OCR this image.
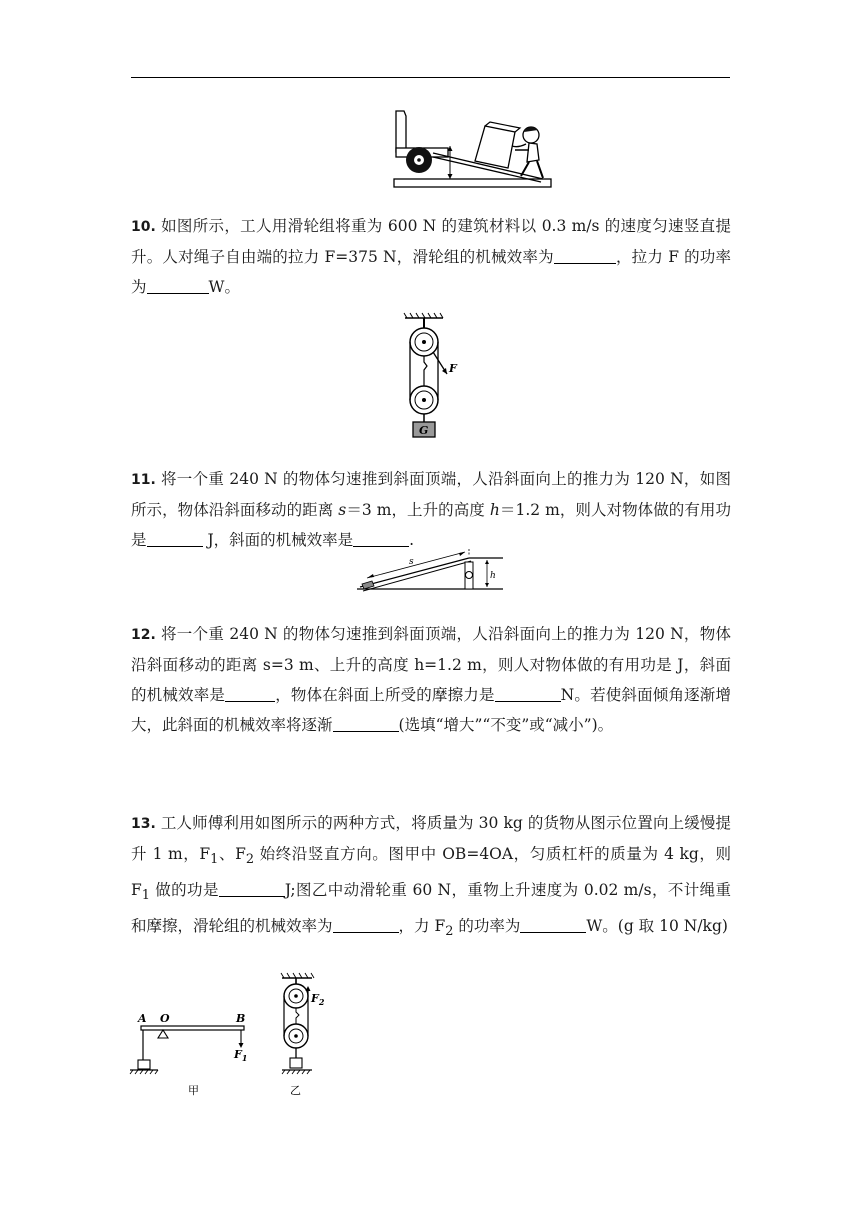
10. 如图所示，工人用滑轮组将重为 600 N 的建筑材料以 0.3 m/s 的速度匀速竖直提升。人对绳子自由端的拉力 F=375 N，滑轮组的机械效率为	，拉力 F 的功率为	W。

F
G

11. 将一个重 240 N 的物体匀速推到斜面顶端，人沿斜面向上的推力为 120 N，如图所示，物体沿斜面移动的距离 s＝3 m，上升的高度 h＝1.2 m，则人对物体做的有用功是	J，斜面的机械效率是	.

s
h

12. 将一个重 240 N 的物体匀速推到斜面顶端，人沿斜面向上的推力为 120 N，物体沿斜面移动的距离 s=3 m、上升的高度 h=1.2 m，则人对物体做的有用功是 J，斜面的机械效率是	，物体在斜面上所受的摩擦力是	N。若使斜面倾角逐渐增大，此斜面的机械效率将逐渐	(选填“增大”“不变”或“减小”)。

13. 工人师傅利用如图所示的两种方式，将质量为 30 kg 的货物从图示位置向上缓慢提升 1 m，$F_1$、$F_2$ 始终沿竖直方向。图甲中 OB=4OA，匀质杠杆的质量为 4 kg，则 $F_1$ 做的功是	J;图乙中动滑轮重 60 N，重物上升速度为 0.02 m/s，不计绳重和摩擦，滑轮组的机械效率为	，力 $F_2$ 的功率为	W。(g 取 10 N/kg)

A O	B
$F_1$
甲
$F_2$
乙
